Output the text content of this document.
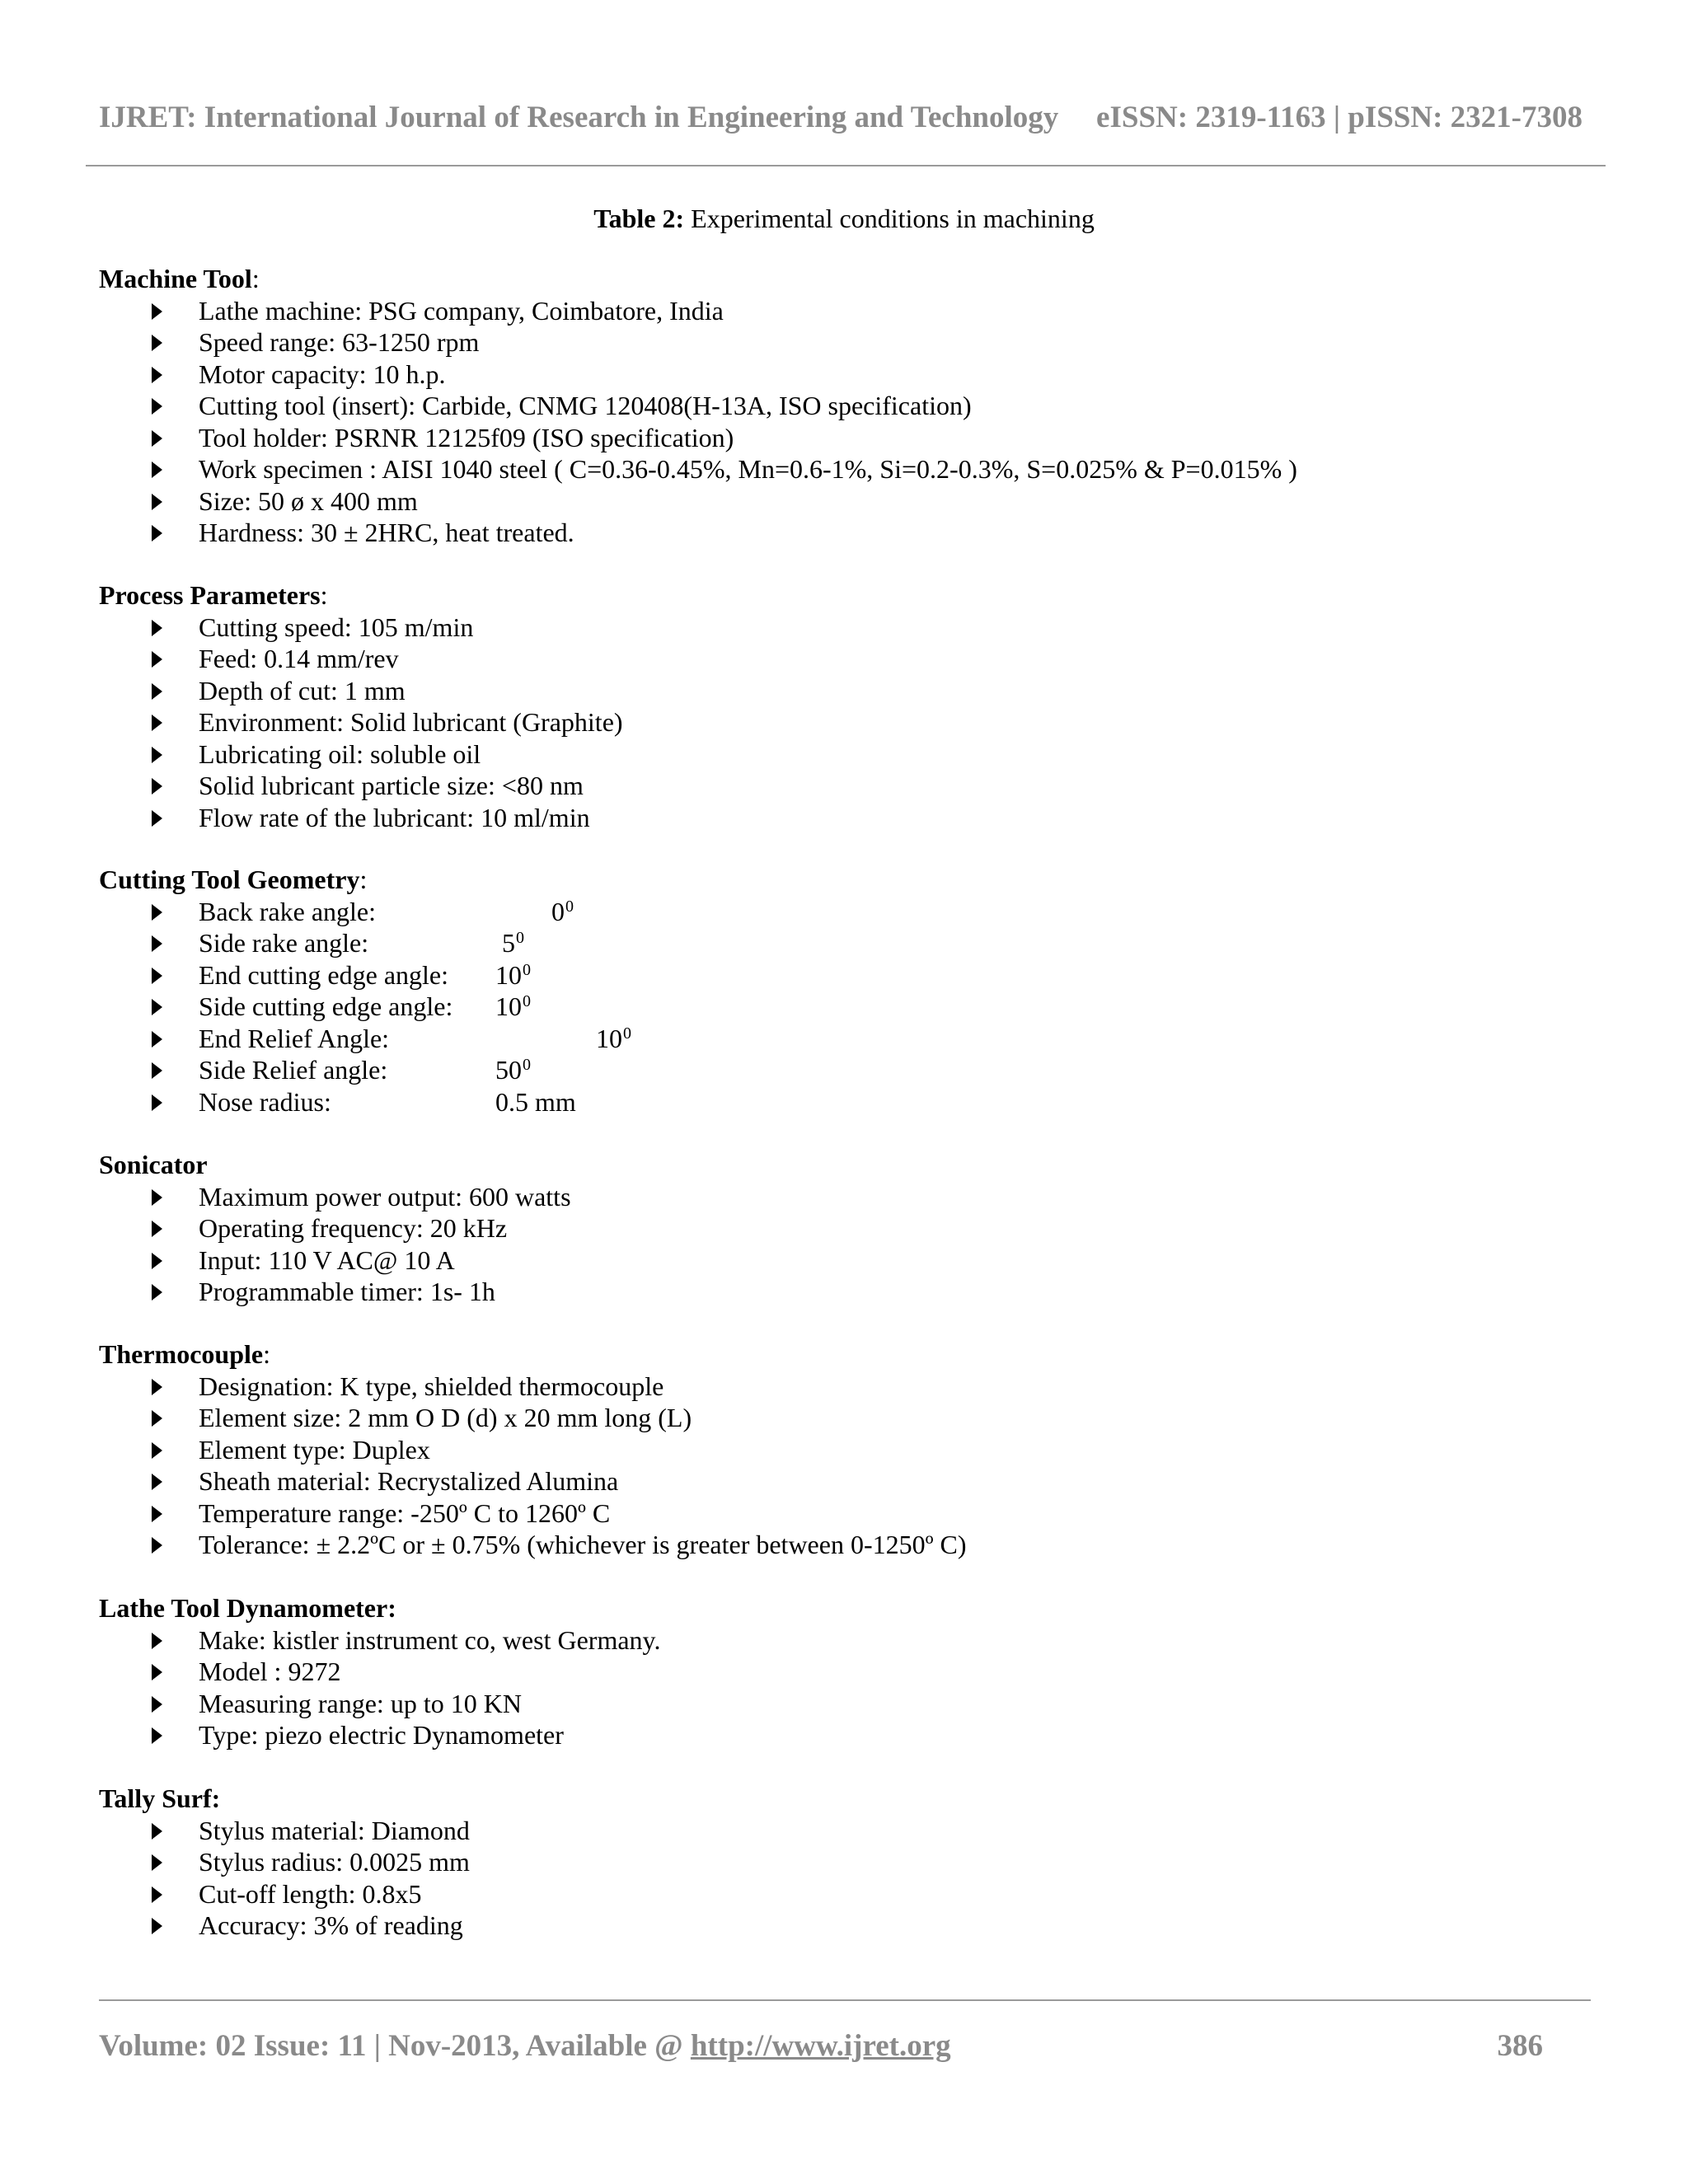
IJRET: International Journal of Research in Engineering and Technology eISSN: 2319-1163 | pISSN: 2321-7308
Table 2: Experimental conditions in machining
Machine Tool:
Lathe machine: PSG company, Coimbatore, India
Speed range: 63-1250 rpm
Motor capacity: 10 h.p.
Cutting tool (insert): Carbide, CNMG 120408(H-13A, ISO specification)
Tool holder: PSRNR 12125f09 (ISO specification)
Work specimen : AISI 1040 steel ( C=0.36-0.45%, Mn=0.6-1%, Si=0.2-0.3%, S=0.025% & P=0.015% )
Size: 50 ø x 400 mm
Hardness: 30 ± 2HRC, heat treated.
Process Parameters:
Cutting speed: 105 m/min
Feed: 0.14 mm/rev
Depth of cut: 1 mm
Environment: Solid lubricant (Graphite)
Lubricating oil: soluble oil
Solid lubricant particle size: <80 nm
Flow rate of the lubricant: 10 ml/min
Cutting Tool Geometry:
Back rake angle:	$0^0$
Side rake angle:	$5^0$
End cutting edge angle: $10^0$
Side cutting edge angle: $10^0$
End Relief Angle:	$10^0$
Side Relief angle:	$50^0$
Nose radius:	0.5 mm
Sonicator
Maximum power output: 600 watts
Operating frequency: 20 kHz
Input: 110 V AC@ 10 A
Programmable timer: 1s- 1h
Thermocouple:
Designation: K type, shielded thermocouple
Element size: 2 mm O D (d) x 20 mm long (L)
Element type: Duplex
Sheath material: Recrystalized Alumina
Temperature range: -250º C to 1260º C
Tolerance: ± 2.2ºC or ± 0.75% (whichever is greater between 0-1250º C)
Lathe Tool Dynamometer:
Make: kistler instrument co, west Germany.
Model : 9272
Measuring range: up to 10 KN
Type: piezo electric Dynamometer
Tally Surf:
Stylus material: Diamond
Stylus radius: 0.0025 mm
Cut-off length: 0.8x5
Accuracy: 3% of reading
Volume: 02 Issue: 11 | Nov-2013, Available @ http://www.ijret.org	386
